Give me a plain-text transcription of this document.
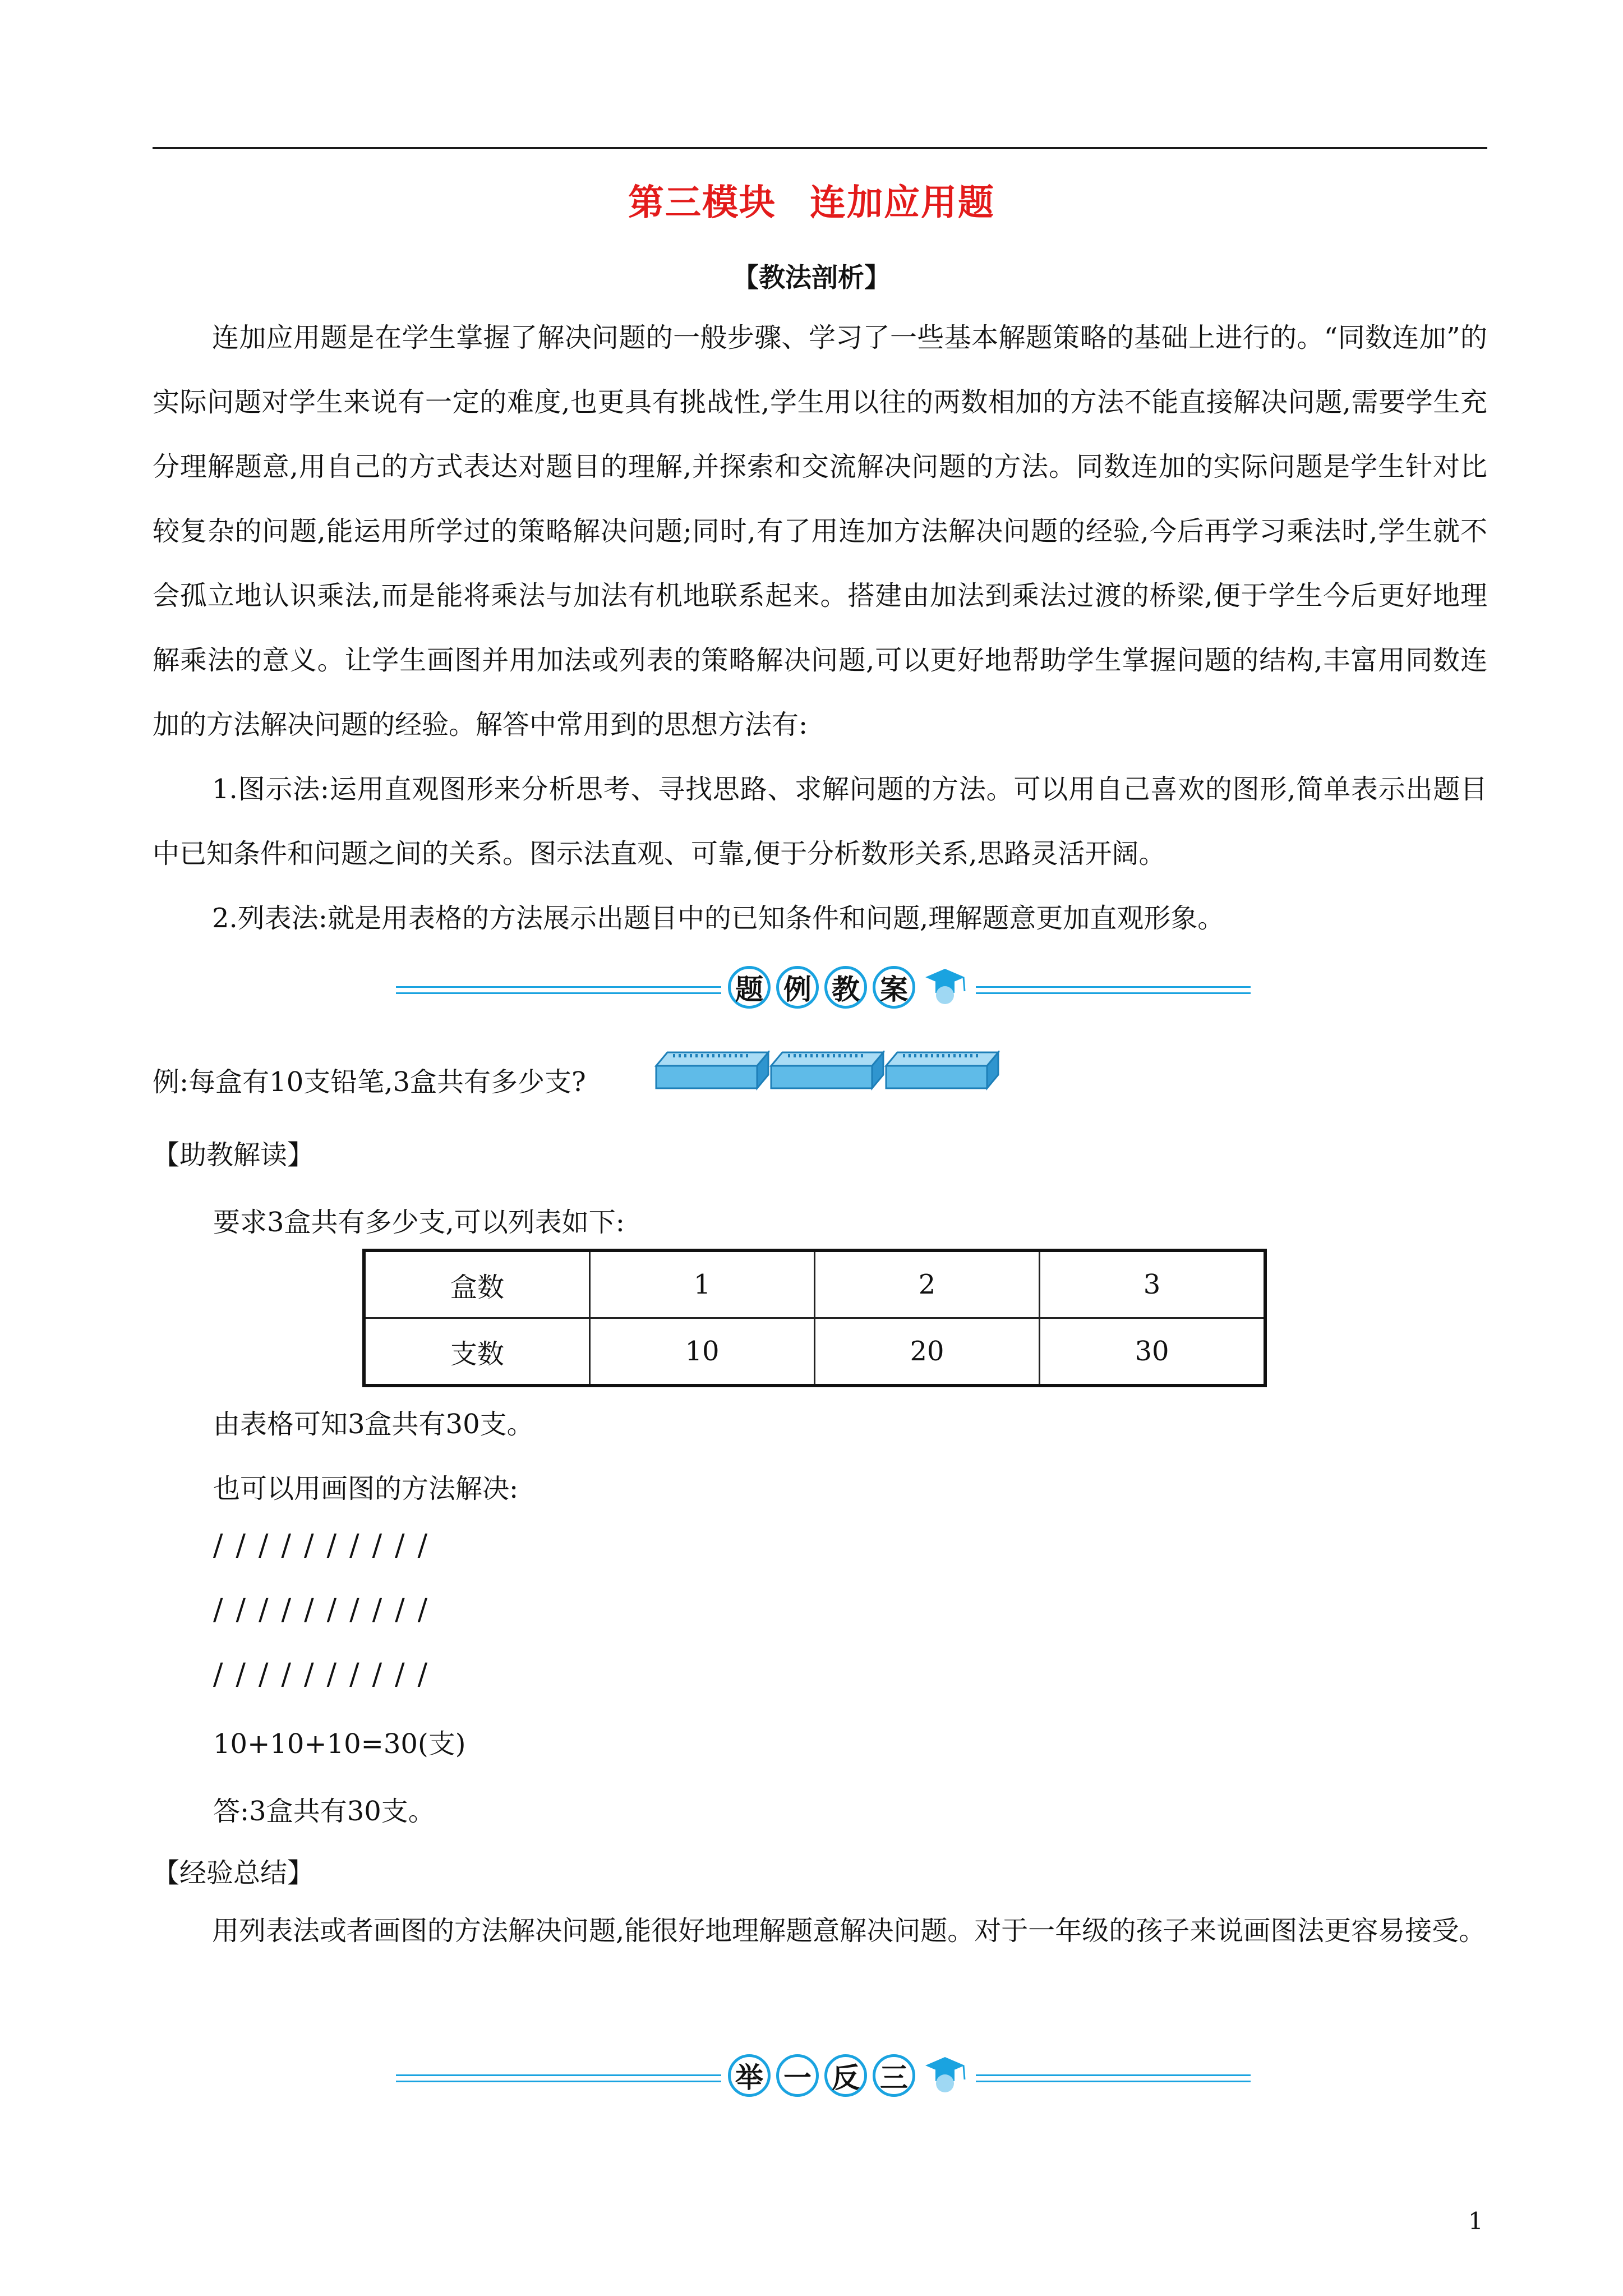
第三模块 连加应用题
【教法剖析】

连加应用题是在学生掌握了解决问题的一般步骤、学习了一些基本解题策略的基础上进行的。“同数连加”的实际问题对学生来说有一定的难度,也更具有挑战性,学生用以往的两数相加的方法不能直接解决问题,需要学生充分理解题意,用自己的方式表达对题目的理解,并探索和交流解决问题的方法。同数连加的实际问题是学生针对比较复杂的问题,能运用所学过的策略解决问题;同时,有了用连加方法解决问题的经验,今后再学习乘法时,学生就不会孤立地认识乘法,而是能将乘法与加法有机地联系起来。搭建由加法到乘法过渡的桥梁,便于学生今后更好地理解乘法的意义。让学生画图并用加法或列表的策略解决问题,可以更好地帮助学生掌握问题的结构,丰富用同数连加的方法解决问题的经验。解答中常用到的思想方法有:

1.图示法:运用直观图形来分析思考、寻找思路、求解问题的方法。可以用自己喜欢的图形,简单表示出题目中已知条件和问题之间的关系。图示法直观、可靠,便于分析数形关系,思路灵活开阔。

2.列表法:就是用表格的方法展示出题目中的已知条件和问题,理解题意更加直观形象。

题 例 教 案
例:每盒有10支铅笔,3盒共有多少支?
【助教解读】
要求3盒共有多少支,可以列表如下:
盒数	1	2	3
支数	10	20	30
由表格可知3盒共有30支。
也可以用画图的方法解决:
//////////
//////////
//////////
10+10+10=30(支)
答:3盒共有30支。
【经验总结】

用列表法或者画图的方法解决问题,能很好地理解题意解决问题。对于一年级的孩子来说画图法更容易接受。

举 一 反 三
1
